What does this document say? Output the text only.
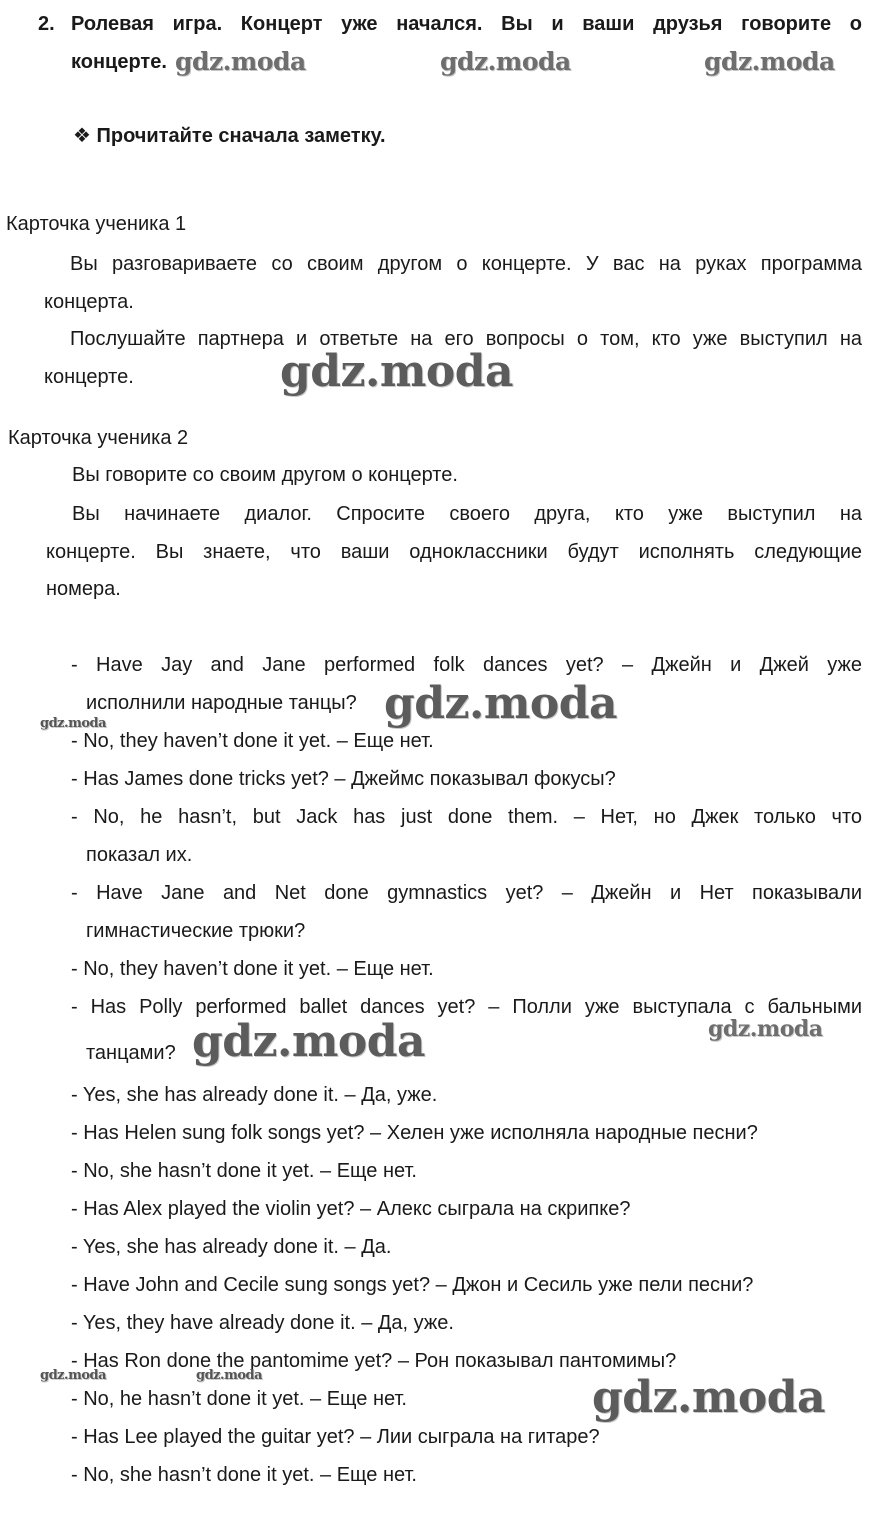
2. Ролевая игра. Концерт уже начался. Вы и ваши друзья говорите о
концерте.
❖ Прочитайте сначала заметку.
Карточка ученика 1
Вы разговариваете со своим другом о концерте. У вас на руках программа
концерта.
Послушайте партнера и ответьте на его вопросы о том, кто уже выступил на
концерте.
Карточка ученика 2
Вы говорите со своим другом о концерте.
Вы начинаете диалог. Спросите своего друга, кто уже выступил на
концерте. Вы знаете, что ваши одноклассники будут исполнять следующие
номера.
- Have Jay and Jane performed folk dances yet? – Джейн и Джей уже
исполнили народные танцы?
- No, they haven’t done it yet. – Еще нет.
- Has James done tricks yet? – Джеймс показывал фокусы?
- No, he hasn’t, but Jack has just done them. – Нет, но Джек только что
показал их.
- Have Jane and Net done gymnastics yet? – Джейн и Нет показывали
гимнастические трюки?
- No, they haven’t done it yet. – Еще нет.
- Has Polly performed ballet dances yet? – Полли уже выступала с бальными
танцами?
- Yes, she has already done it. – Да, уже.
- Has Helen sung folk songs yet? – Хелен уже исполняла народные песни?
- No, she hasn’t done it yet. – Еще нет.
- Has Alex played the violin yet? – Алекс сыграла на скрипке?
- Yes, she has already done it. – Да.
- Have John and Cecile sung songs yet? – Джон и Сесиль уже пели песни?
- Yes, they have already done it. – Да, уже.
- Has Ron done the pantomime yet? – Рон показывал пантомимы?
- No, he hasn’t done it yet. – Еще нет.
- Has Lee played the guitar yet? – Лии сыграла на гитаре?
- No, she hasn’t done it yet. – Еще нет.
gdz.moda	gdz.moda	gdz.moda
gdz.moda
gdz.moda
gdz.moda
gdz.moda	gdz.moda
gdz.moda	gdz.moda	gdz.moda
